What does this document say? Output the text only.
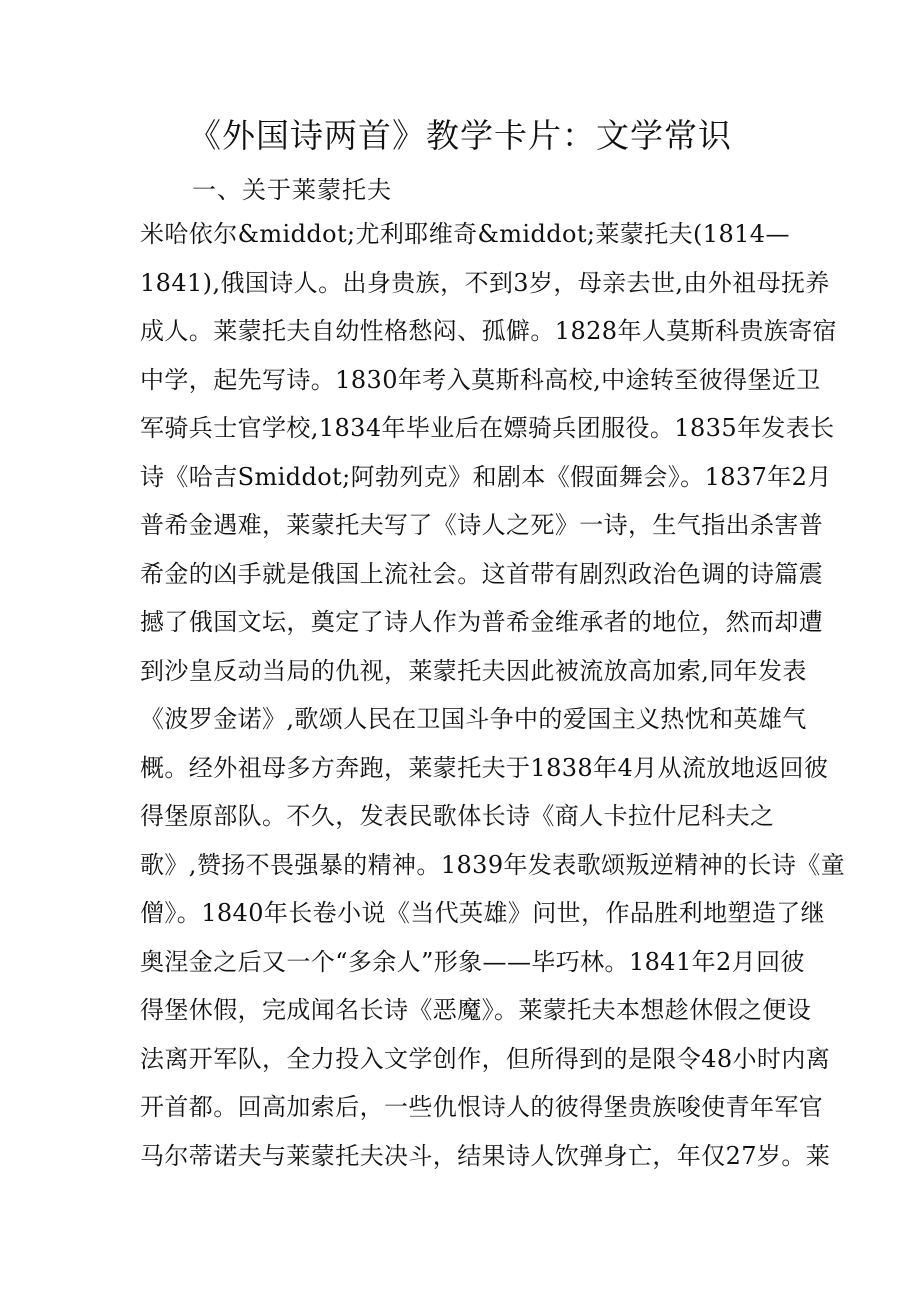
《外国诗两首》教学卡片：文学常识

一、关于莱蒙托夫

米哈依尔&middot;尤利耶维奇&middot;莱蒙托夫(1814—
1841),俄国诗人。出身贵族，不到3岁，母亲去世,由外祖母抚养
成人。莱蒙托夫自幼性格愁闷、孤僻。1828年人莫斯科贵族寄宿
中学，起先写诗。1830年考入莫斯科高校,中途转至彼得堡近卫
军骑兵士官学校,1834年毕业后在嫖骑兵团服役。1835年发表长
诗《哈吉Smiddot;阿勃列克》和剧本《假面舞会》。1837年2月
普希金遇难，莱蒙托夫写了《诗人之死》一诗，生气指出杀害普
希金的凶手就是俄国上流社会。这首带有剧烈政治色调的诗篇震
撼了俄国文坛，奠定了诗人作为普希金维承者的地位，然而却遭
到沙皇反动当局的仇视，莱蒙托夫因此被流放高加索,同年发表
《波罗金诺》,歌颂人民在卫国斗争中的爱国主义热忱和英雄气
概。经外祖母多方奔跑，莱蒙托夫于1838年4月从流放地返回彼
得堡原部队。不久，发表民歌体长诗《商人卡拉什尼科夫之
歌》,赞扬不畏强暴的精神。1839年发表歌颂叛逆精神的长诗《童
僧》。1840年长卷小说《当代英雄》问世，作品胜利地塑造了继
奥涅金之后又一个“多余人”形象——毕巧林。1841年2月回彼
得堡休假，完成闻名长诗《恶魔》。莱蒙托夫本想趁休假之便设
法离开军队，全力投入文学创作，但所得到的是限令48小时内离
开首都。回高加索后，一些仇恨诗人的彼得堡贵族唆使青年军官
马尔蒂诺夫与莱蒙托夫决斗，结果诗人饮弹身亡，年仅27岁。莱
